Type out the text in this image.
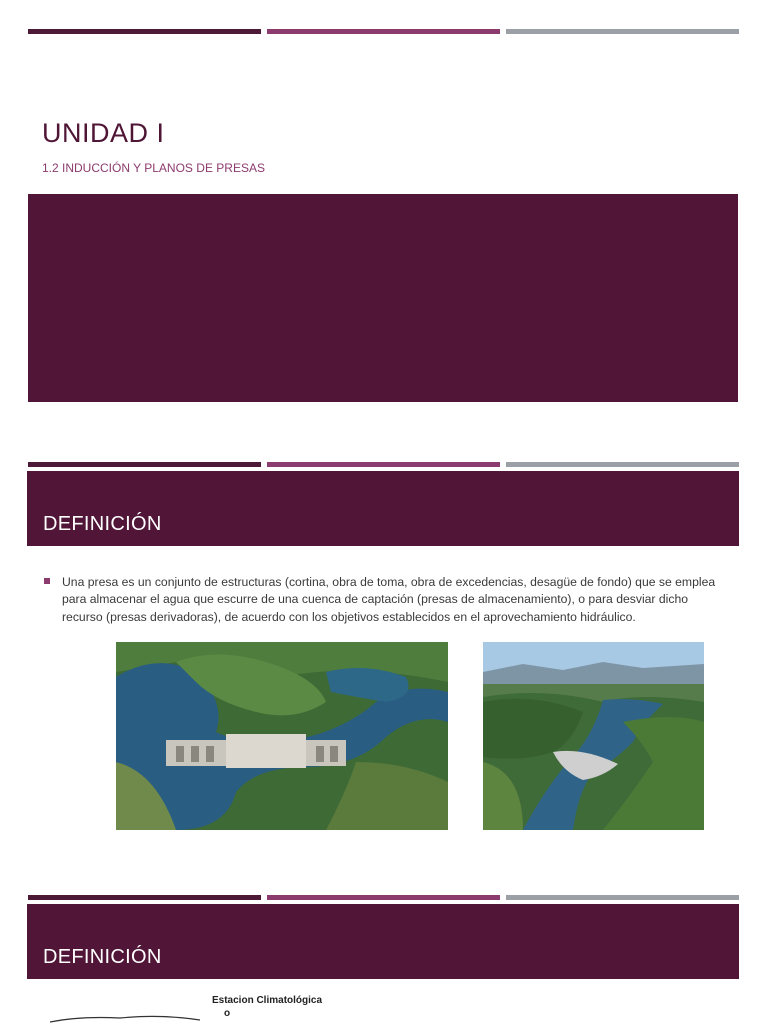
UNIDAD I

1.2 INDUCCIÓN Y PLANOS DE PRESAS

DEFINICIÓN

Una presa es un conjunto de estructuras (cortina, obra de toma, obra de excedencias, desagüe de fondo) que se emplea para almacenar el agua que escurre de una cuenca de captación (presas de almacenamiento), o para desviar dicho recurso (presas derivadoras), de acuerdo con los objetivos establecidos en el aprovechamiento hidráulico.

DEFINICIÓN
Estacion Climatológica
o
